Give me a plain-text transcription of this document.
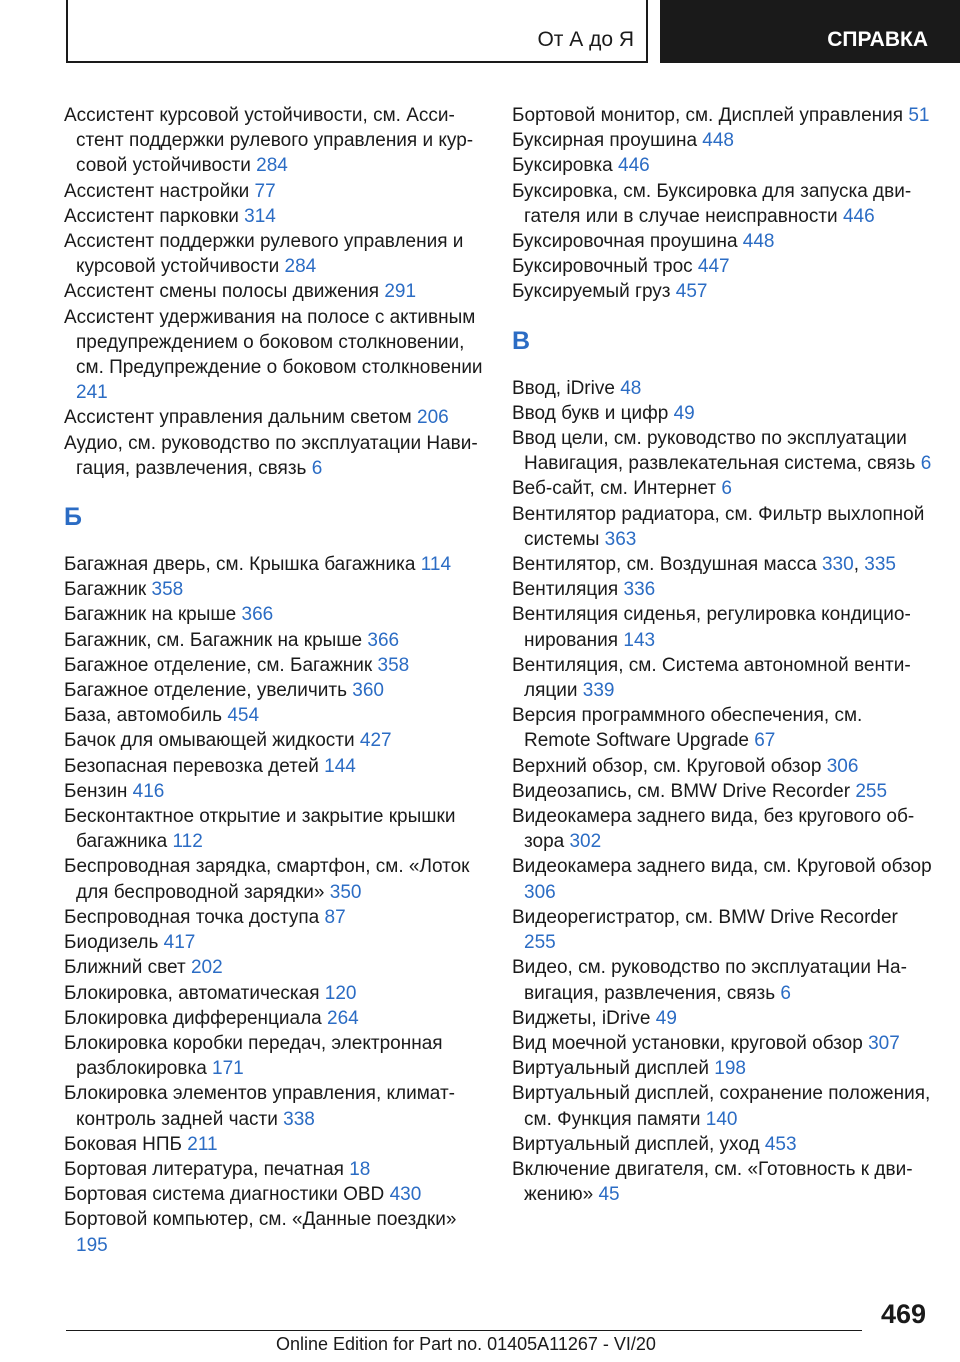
От А до Я	СПРАВКА
Ассистент курсовой устойчивости, см. Ассистент поддержки рулевого управления и курсовой устойчивости 284
Ассистент настройки 77
Ассистент парковки 314
Ассистент поддержки рулевого управления и курсовой устойчивости 284
Ассистент смены полосы движения 291
Ассистент удерживания на полосе с активным предупреждением о боковом столкновении, см. Предупреждение о боковом столкновении 241
Ассистент управления дальним светом 206
Аудио, см. руководство по эксплуатации Навигация, развлечения, связь 6
Б
Багажная дверь, см. Крышка багажника 114
Багажник 358
Багажник на крыше 366
Багажник, см. Багажник на крыше 366
Багажное отделение, см. Багажник 358
Багажное отделение, увеличить 360
База, автомобиль 454
Бачок для омывающей жидкости 427
Безопасная перевозка детей 144
Бензин 416
Бесконтактное открытие и закрытие крышки багажника 112
Беспроводная зарядка, смартфон, см. «Лоток для беспроводной зарядки» 350
Беспроводная точка доступа 87
Биодизель 417
Ближний свет 202
Блокировка, автоматическая 120
Блокировка дифференциала 264
Блокировка коробки передач, электронная разблокировка 171
Блокировка элементов управления, климат-контроль задней части 338
Боковая НПБ 211
Бортовая литература, печатная 18
Бортовая система диагностики OBD 430
Бортовой компьютер, см. «Данные поездки» 195
Бортовой монитор, см. Дисплей управления 51
Буксирная проушина 448
Буксировка 446
Буксировка, см. Буксировка для запуска двигателя или в случае неисправности 446
Буксировочная проушина 448
Буксировочный трос 447
Буксируемый груз 457
В
Ввод, iDrive 48
Ввод букв и цифр 49
Ввод цели, см. руководство по эксплуатации Навигация, развлекательная система, связь 6
Веб-сайт, см. Интернет 6
Вентилятор радиатора, см. Фильтр выхлопной системы 363
Вентилятор, см. Воздушная масса 330, 335
Вентиляция 336
Вентиляция сиденья, регулировка кондиционирования 143
Вентиляция, см. Система автономной вентиляции 339
Версия программного обеспечения, см. Remote Software Upgrade 67
Верхний обзор, см. Круговой обзор 306
Видеозапись, см. BMW Drive Recorder 255
Видеокамера заднего вида, без кругового обзора 302
Видеокамера заднего вида, см. Круговой обзор 306
Видеорегистратор, см. BMW Drive Recorder 255
Видео, см. руководство по эксплуатации Навигация, развлечения, связь 6
Виджеты, iDrive 49
Вид моечной установки, круговой обзор 307
Виртуальный дисплей 198
Виртуальный дисплей, сохранение положения, см. Функция памяти 140
Виртуальный дисплей, уход 453
Включение двигателя, см. «Готовность к движению» 45
469
Online Edition for Part no. 01405A11267 - VI/20
